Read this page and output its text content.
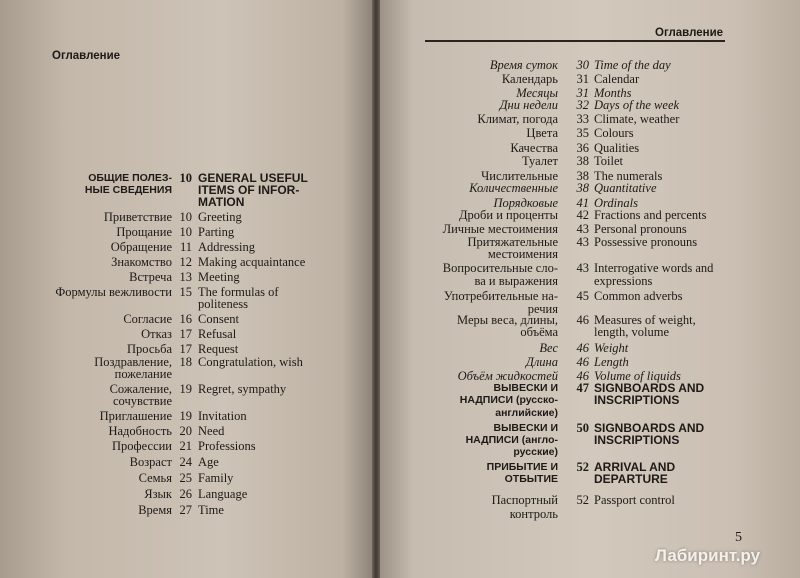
Оглавление
Оглавление
ОБЩИЕ ПОЛЕЗ- 10 GENERAL USEFUL
НЫЕ СВЕДЕНИЯ ITEMS OF INFOR-
MATION
Приветствие 10 Greeting
Прощание 10 Parting
Обращение 11 Addressing
Знакомство 12 Making acquaintance
Встреча 13 Meeting
Формулы вежливости 15 The formulas of
politeness
Согласие 16 Consent
Отказ 17 Refusal
Просьба 17 Request
Поздравление, 18 Congratulation, wish
пожелание
Сожаление, 19 Regret, sympathy
сочувствие
Приглашение 19 Invitation
Надобность 20 Need
Профессии 21 Professions
Возраст 24 Age
Семья 25 Family
Язык 26 Language
Время 27 Time
Время суток	30 Time of the day
Календарь	31 Calendar
Месяцы	31 Months
Дни недели	32 Days of the week
Климат, погода	33 Climate, weather
Цвета	35 Colours
Качества	36 Qualities
Туалет	38 Toilet
Числительные	38 The numerals
Количественные	38 Quantitative
Порядковые	41 Ordinals
Дроби и проценты	42 Fractions and percents
Личные местоимения	43 Personal pronouns
Притяжательные	43 Possessive pronouns
местоимения
Вопросительные сло-	43 Interrogative words and
ва и выражения	expressions
Употребительные на-	45 Common adverbs
речия
Меры веса, длины,	46 Measures of weight,
объёма	length, volume
Вес	46 Weight
Длина	46 Length
Объём жидкостей	46 Volume of liquids
ВЫВЕСКИ И	47 SIGNBOARDS AND
НАДПИСИ (русско-	INSCRIPTIONS
английские)
ВЫВЕСКИ И	50 SIGNBOARDS AND
НАДПИСИ (англо-	INSCRIPTIONS
русские)
ПРИБЫТИЕ И	52 ARRIVAL AND
ОТБЫТИЕ	DEPARTURE
Паспортный	52 Passport control
контроль
5
Лабиринт.ру
